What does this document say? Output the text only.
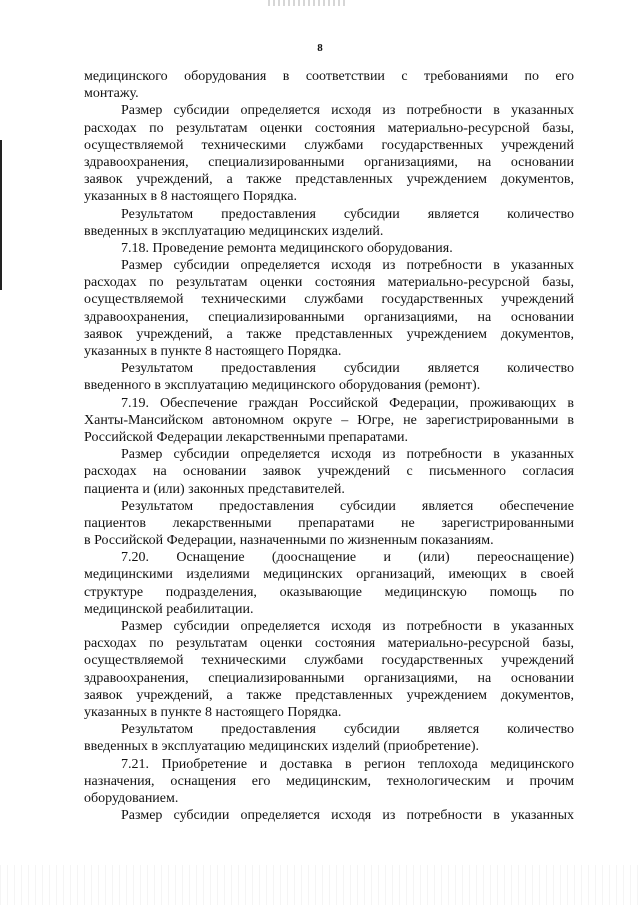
8
медицинского оборудования в соответствии с требованиями по его
монтажу.
Размер субсидии определяется исходя из потребности в указанных
расходах по результатам оценки состояния материально-ресурсной базы,
осуществляемой техническими службами государственных учреждений
здравоохранения, специализированными организациями, на основании
заявок учреждений, а также представленных учреждением документов,
указанных в 8 настоящего Порядка.
Результатом предоставления субсидии является количество
введенных в эксплуатацию медицинских изделий.
7.18. Проведение ремонта медицинского оборудования.
Размер субсидии определяется исходя из потребности в указанных
расходах по результатам оценки состояния материально-ресурсной базы,
осуществляемой техническими службами государственных учреждений
здравоохранения, специализированными организациями, на основании
заявок учреждений, а также представленных учреждением документов,
указанных в пункте 8 настоящего Порядка.
Результатом предоставления субсидии является количество
введенного в эксплуатацию медицинского оборудования (ремонт).
7.19. Обеспечение граждан Российской Федерации, проживающих в
Ханты-Мансийском автономном округе – Югре, не зарегистрированными в
Российской Федерации лекарственными препаратами.
Размер субсидии определяется исходя из потребности в указанных
расходах на основании заявок учреждений с письменного согласия
пациента и (или) законных представителей.
Результатом предоставления субсидии является обеспечение
пациентов лекарственными препаратами не зарегистрированными
в Российской Федерации, назначенными по жизненным показаниям.
7.20. Оснащение (дооснащение и (или) переоснащение)
медицинскими изделиями медицинских организаций, имеющих в своей
структуре подразделения, оказывающие медицинскую помощь по
медицинской реабилитации.
Размер субсидии определяется исходя из потребности в указанных
расходах по результатам оценки состояния материально-ресурсной базы,
осуществляемой техническими службами государственных учреждений
здравоохранения, специализированными организациями, на основании
заявок учреждений, а также представленных учреждением документов,
указанных в пункте 8 настоящего Порядка.
Результатом предоставления субсидии является количество
введенных в эксплуатацию медицинских изделий (приобретение).
7.21. Приобретение и доставка в регион теплохода медицинского
назначения, оснащения его медицинским, технологическим и прочим
оборудованием.
Размер субсидии определяется исходя из потребности в указанных
